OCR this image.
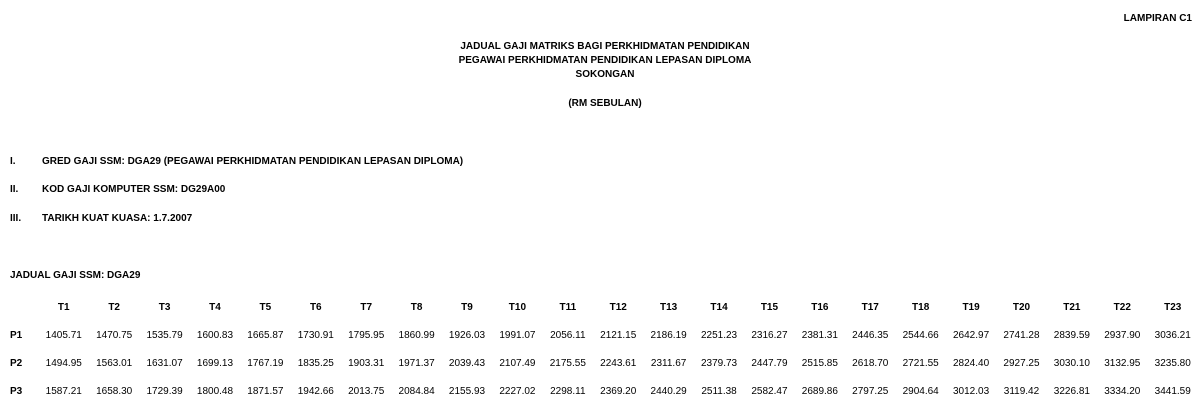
LAMPIRAN C1
JADUAL GAJI MATRIKS BAGI PERKHIDMATAN PENDIDIKAN
PEGAWAI PERKHIDMATAN PENDIDIKAN LEPASAN DIPLOMA
SOKONGAN
(RM SEBULAN)
I.	GRED GAJI SSM: DGA29 (PEGAWAI PERKHIDMATAN PENDIDIKAN LEPASAN DIPLOMA)
II. KOD GAJI KOMPUTER SSM: DG29A00
III. TARIKH KUAT KUASA: 1.7.2007
JADUAL GAJI SSM: DGA29
	T1	T2	T3	T4	T5	T6	T7	T8	T9	T10	T11	T12	T13	T14	T15	T16	T17	T18	T19	T20	T21	T22	T23
P1	1405.71	1470.75	1535.79	1600.83	1665.87	1730.91	1795.95	1860.99	1926.03	1991.07	2056.11	2121.15	2186.19	2251.23	2316.27	2381.31	2446.35	2544.66	2642.97	2741.28	2839.59	2937.90	3036.21
P2	1494.95	1563.01	1631.07	1699.13	1767.19	1835.25	1903.31	1971.37	2039.43	2107.49	2175.55	2243.61	2311.67	2379.73	2447.79	2515.85	2618.70	2721.55	2824.40	2927.25	3030.10	3132.95	3235.80
P3	1587.21	1658.30	1729.39	1800.48	1871.57	1942.66	2013.75	2084.84	2155.93	2227.02	2298.11	2369.20	2440.29	2511.38	2582.47	2689.86	2797.25	2904.64	3012.03	3119.42	3226.81	3334.20	3441.59
